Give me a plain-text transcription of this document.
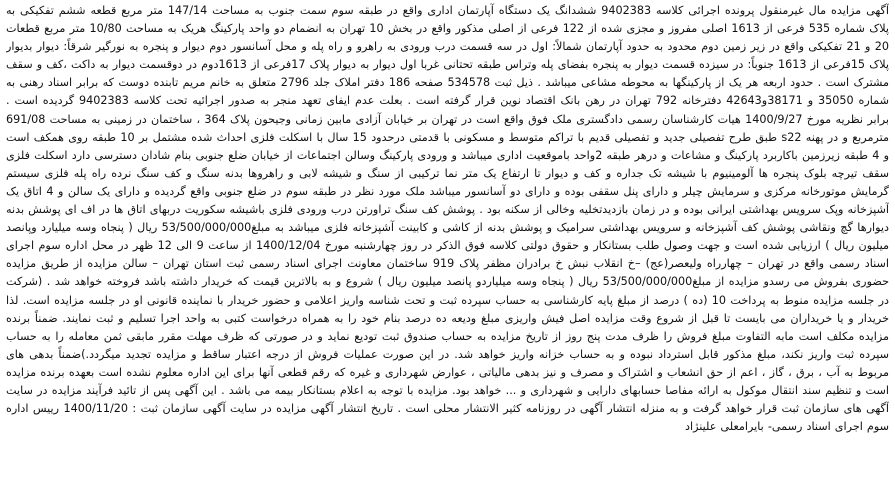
آگهی مزایده مال غیرمنقول پرونده اجرائی کلاسه 9402383 ششدانگ یک دستگاه آپارتمان اداری واقع در طبقه سوم سمت جنوب به مساحت 147/14 متر مربع قطعه ششم تفکیکی به پلاک شماره 535 فرعی از 1613 اصلی مفروز و مجزی شده از 122 فرعی از اصلی مذکور واقع در بخش 10 تهران به انضمام دو واحد پارکینگ هریک به مساحت 10/80 متر مربع قطعات 20 و 21 تفکیکی واقع در زیر زمین دوم محدود به حدود آپارتمان شمالاً: اول در سه قسمت درب ورودی به راهرو و راه پله و محل آسانسور دوم دیوار و پنجره به نورگیر شرقاً: دیوار بدیوار پلاک 15فرعی از 1613 جنوباً: در سیزده قسمت دیوار به پنجره بفضای پله وتراس طبقه تحتانی غربا اول دیوار به دیوار پلاک 17فرعی از 1613دوم در دوقسمت دیوار به داکت ،کف و سقف مشترک است . حدود اربعه هر یک از پارکینگها به محوطه مشاعی میباشد . ذیل ثبت 534578 صفحه 186 دفتر املاک جلد 2796 متعلق به خانم مریم تابنده دوست که برابر اسناد رهنی به شماره 35050 و 38171و42643 دفترخانه 792 تهران در رهن بانک اقتصاد نوین قرار گرفته است . بعلت عدم ایفای تعهد منجر به صدور اجرائیه تحت کلاسه 9402383 گردیده است . برابر نظریه مورخ 1400/9/27 هیات کارشناسان رسمی دادگستری ملک فوق واقع است در تهران بر خیابان آزادی مابین زمانی وجیحون پلاک 364 ، ساختمان در زمینی به مساحت 691/08 مترمربع و در پهنه s22 طبق طرح تفصیلی جدید و تفصیلی قدیم با تراکم متوسط و مسکونی با قدمتی درحدود 15 سال با اسکلت فلزی احداث شده مشتمل بر 10 طبقه روی همکف است و 4 طبقه زیرزمین باکاربرد پارکینگ و مشاعات و درهر طبقه 2واحد باموقعیت اداری میباشد و ورودی پارکینگ وسالن اجتماعات از خیابان ضلع جنوبی بنام شادان دسترسی دارد اسکلت فلزی سقف تیرچه بلوک پنجره ها آلومینیوم با شیشه تک جداره و کف و دیوار تا ارتفاع یک متر نما ترکیبی از سنگ و شیشه لابی و راهروها بدنه سنگ و کف سنگ نرده راه پله فلزی سیستم گرمایش موتورخانه مرکزی و سرمایش چیلر و دارای پنل سقفی بوده و دارای دو آسانسور میباشد ملک مورد نظر در طبقه سوم در ضلع جنوبی واقع گردیده و دارای یک سالن و 4 اتاق یک آشپزخانه وپک سرویس بهداشتی ایرانی بوده و در زمان بازدیدتخلیه وخالی از سکنه بود . پوشش کف سنگ تراورتن درب ورودی فلزی باشیشه سکوریت دربهای اتاق ها در اف ای پوشش بدنه دیوارها گچ ونقاشی پوشش کف آشپزخانه و سرویس بهداشتی سرامیک و پوشش بدنه از کاشی و کابینت آشپزخانه فلزی میباشد به مبلغ53/500/000/000 ریال ( پنجاه وسه میلیارد وپانصد میلیون ریال ) ارزیابی شده است و جهت وصول طلب بستانکار و حقوق دولتی کلاسه فوق الذکر در روز چهارشنبه مورخ 1400/12/04 از ساعت 9 الی 12 ظهر در محل اداره سوم اجرای اسناد رسمی واقع در تهران – چهارراه ولیعصر(عج) –خ انقلاب نبش خ برادران مظفر پلاک 919 ساختمان معاونت اجرای اسناد رسمی ثبت استان تهران – سالن مزایده از طریق مزایده حضوری بفروش می رسدو مزایده از مبلغ53/500/000/000 ریال ( پنجاه وسه میلیاردو پانصد میلیون ریال ) شروع و به بالاترین قیمت که خریدار داشته باشد فروخته خواهد شد . (شرکت در جلسه مزایده منوط به پرداخت 10 (ده ) درصد از مبلغ پایه کارشناسی به حساب سپرده ثبت و تحت شناسه واریز اعلامی و حضور خریدار با نماینده قانونی او در جلسه مزایده است. لذا خریدار و یا خریداران می بایست تا قبل از شروع وقت مزایده اصل فیش واریزی مبلغ ودیعه ده درصد بنام خود را به همراه درخواست کتبی به واحد اجرا تسلیم و ثبت نمایند. ضمناً برنده مزایده مکلف است مابه التفاوت مبلغ فروش را ظرف مدت پنج روز از تاریخ مزایده به حساب صندوق ثبت تودیع نماید و در صورتی که ظرف مهلت مقرر مابقی ثمن معامله را به حساب سپرده ثبت واریز نکند، مبلغ مذکور قابل استرداد نبوده و به حساب خزانه واریز خواهد شد. در این صورت عملیات فروش از درجه اعتبار ساقط و مزایده تجدید میگردد.)ضمناً بدهی های مربوط به آب ، برق ، گاز ، اعم از حق انشعاب و اشتراک و مصرف و نیز بدهی مالیاتی ، عوارض شهرداری و غیره که رقم قطعی آنها برای این اداره معلوم نشده است بعهده برنده مزایده است و تنظیم سند انتقال موکول به ارائه مفاصا حسابهای دارایی و شهرداری و ... خواهد بود. مزایده با توجه به اعلام بستانکار بیمه می باشد . این آگهی پس از تائید فرآیند مزایده در سایت آگهی های سازمان ثبت قرار خواهد گرفت و به منزله انتشار آگهی در روزنامه کثیر الانتشار محلی است . تاریخ انتشار آگهی مزایده در سایت آگهی سازمان ثبت : 1400/11/20 رییس اداره سوم اجرای اسناد رسمی- بایرامعلی علینژاد
